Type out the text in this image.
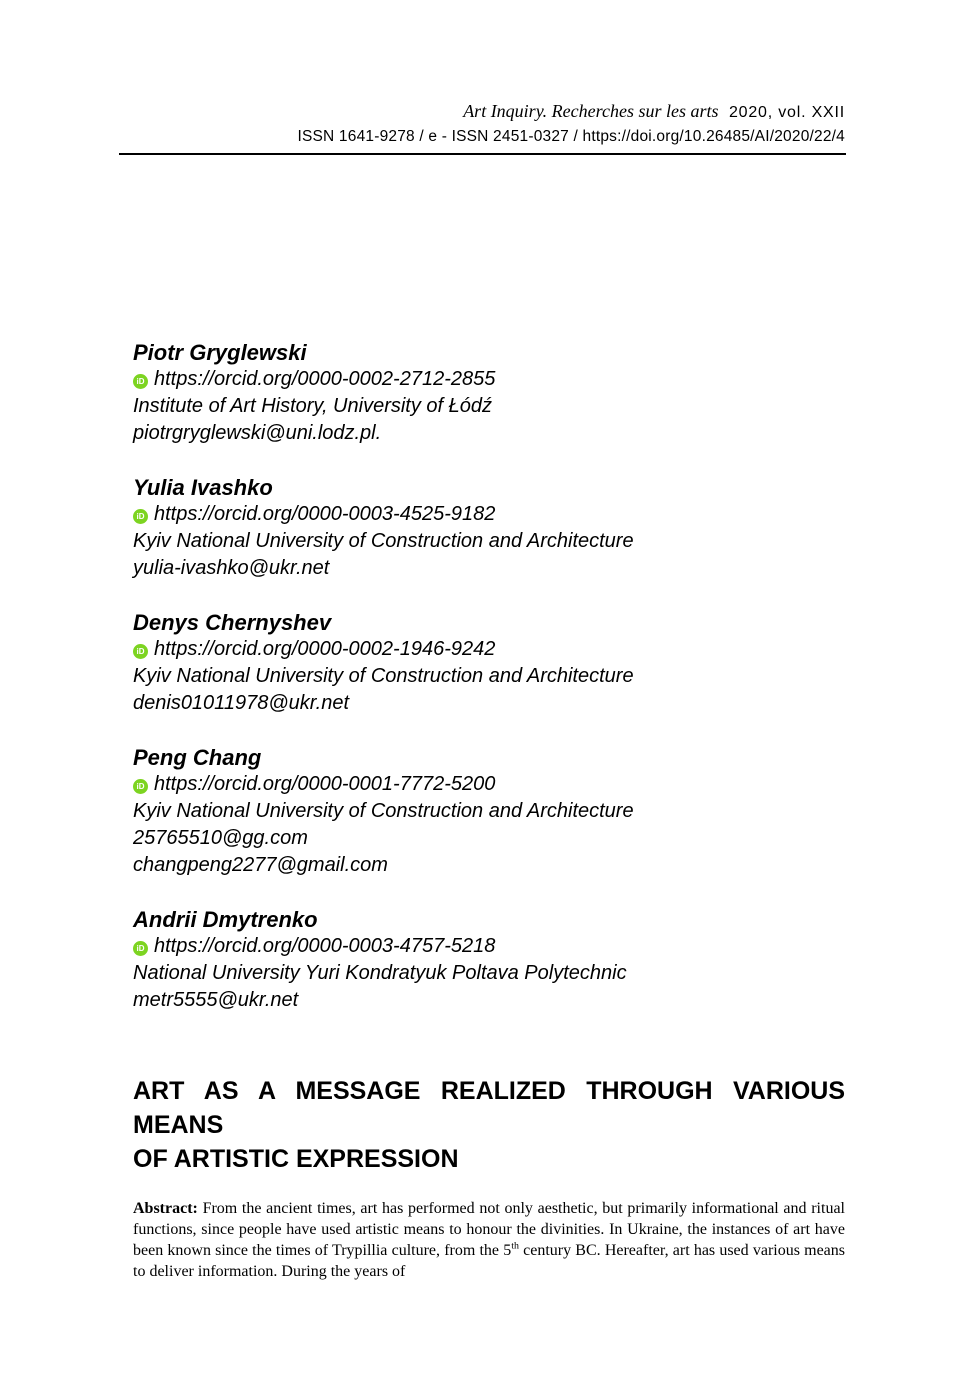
Art Inquiry. Recherches sur les arts 2020, vol. XXII
ISSN 1641-9278 / e - ISSN 2451-0327 / https://doi.org/10.26485/AI/2020/22/4
Piotr Gryglewski
iD https://orcid.org/0000-0002-2712-2855
Institute of Art History, University of Łódź
piotrgryglewski@uni.lodz.pl.
Yulia Ivashko
iD https://orcid.org/0000-0003-4525-9182
Kyiv National University of Construction and Architecture
yulia-ivashko@ukr.net
Denys Chernyshev
iD https://orcid.org/0000-0002-1946-9242
Kyiv National University of Construction and Architecture
denis01011978@ukr.net
Peng Chang
iD https://orcid.org/0000-0001-7772-5200
Kyiv National University of Construction and Architecture
25765510@gg.com
changpeng2277@gmail.com
Andrii Dmytrenko
iD https://orcid.org/0000-0003-4757-5218
National University Yuri Kondratyuk Poltava Polytechnic
metr5555@ukr.net
ART AS A MESSAGE REALIZED THROUGH VARIOUS MEANS
OF ARTISTIC EXPRESSION

Abstract: From the ancient times, art has performed not only aesthetic, but primarily informational and ritual functions, since people have used artistic means to honour the divinities. In Ukraine, the instances of art have been known since the times of Trypillia culture, from the 5th century BC. Hereafter, art has used various means to deliver information. During the years of
